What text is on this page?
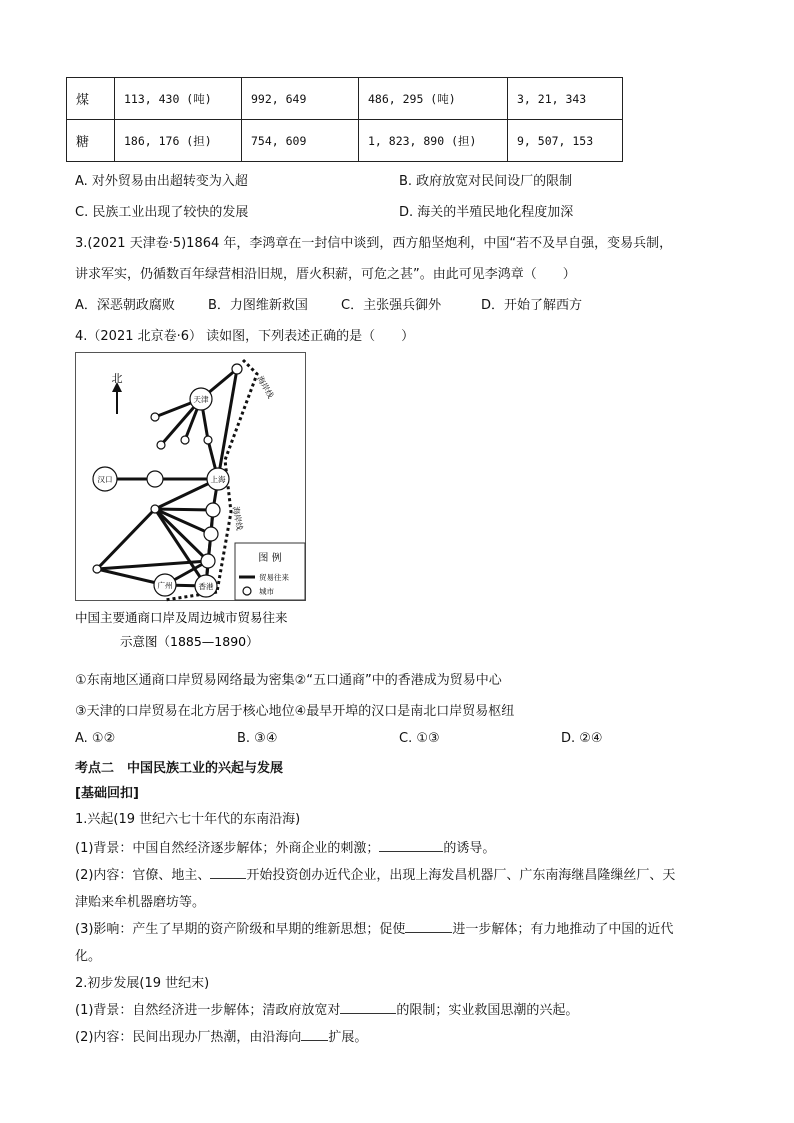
煤	113, 430 (吨)	992, 649	486, 295 (吨)	3, 21, 343
糖	186, 176 (担)	754, 609	1, 823, 890 (担)	9, 507, 153
A. 对外贸易由出超转变为入超	B. 政府放宽对民间设厂的限制
C. 民族工业出现了较快的发展	D. 海关的半殖民地化程度加深
3.(2021 天津卷·5)1864 年，李鸿章在一封信中谈到，西方船坚炮利，中国“若不及早自强，变易兵制，
讲求军实，仍循数百年绿营相沿旧规，厝火积薪，可危之甚”。由此可见李鸿章（　　）
A．深恶朝政腐败	B．力图维新救国	C．主张强兵御外	D．开始了解西方
4.（2021 北京卷·6） 读如图，下列表述正确的是（　　）
北	海岸线
海岸线
天津
汉口	上海
广州	香港
图 例
贸易往来
城市
中国主要通商口岸及周边城市贸易往来
示意图（1885—1890）
①东南地区通商口岸贸易网络最为密集②“五口通商”中的香港成为贸易中心
③天津的口岸贸易在北方居于核心地位④最早开埠的汉口是南北口岸贸易枢纽
A. ①②	B. ③④	C. ①③	D. ②④
考点二　中国民族工业的兴起与发展
[基础回扣]
1.兴起(19 世纪六七十年代的东南沿海)
(1)背景：中国自然经济逐步解体；外商企业的刺激；	的诱导。
(2)内容：官僚、地主、	开始投资创办近代企业，出现上海发昌机器厂、广东南海继昌隆缫丝厂、天
津贻来牟机器磨坊等。
(3)影响：产生了早期的资产阶级和早期的维新思想；促使	进一步解体；有力地推动了中国的近代
化。
2.初步发展(19 世纪末)
(1)背景：自然经济进一步解体；清政府放宽对	的限制；实业救国思潮的兴起。
(2)内容：民间出现办厂热潮，由沿海向 扩展。
